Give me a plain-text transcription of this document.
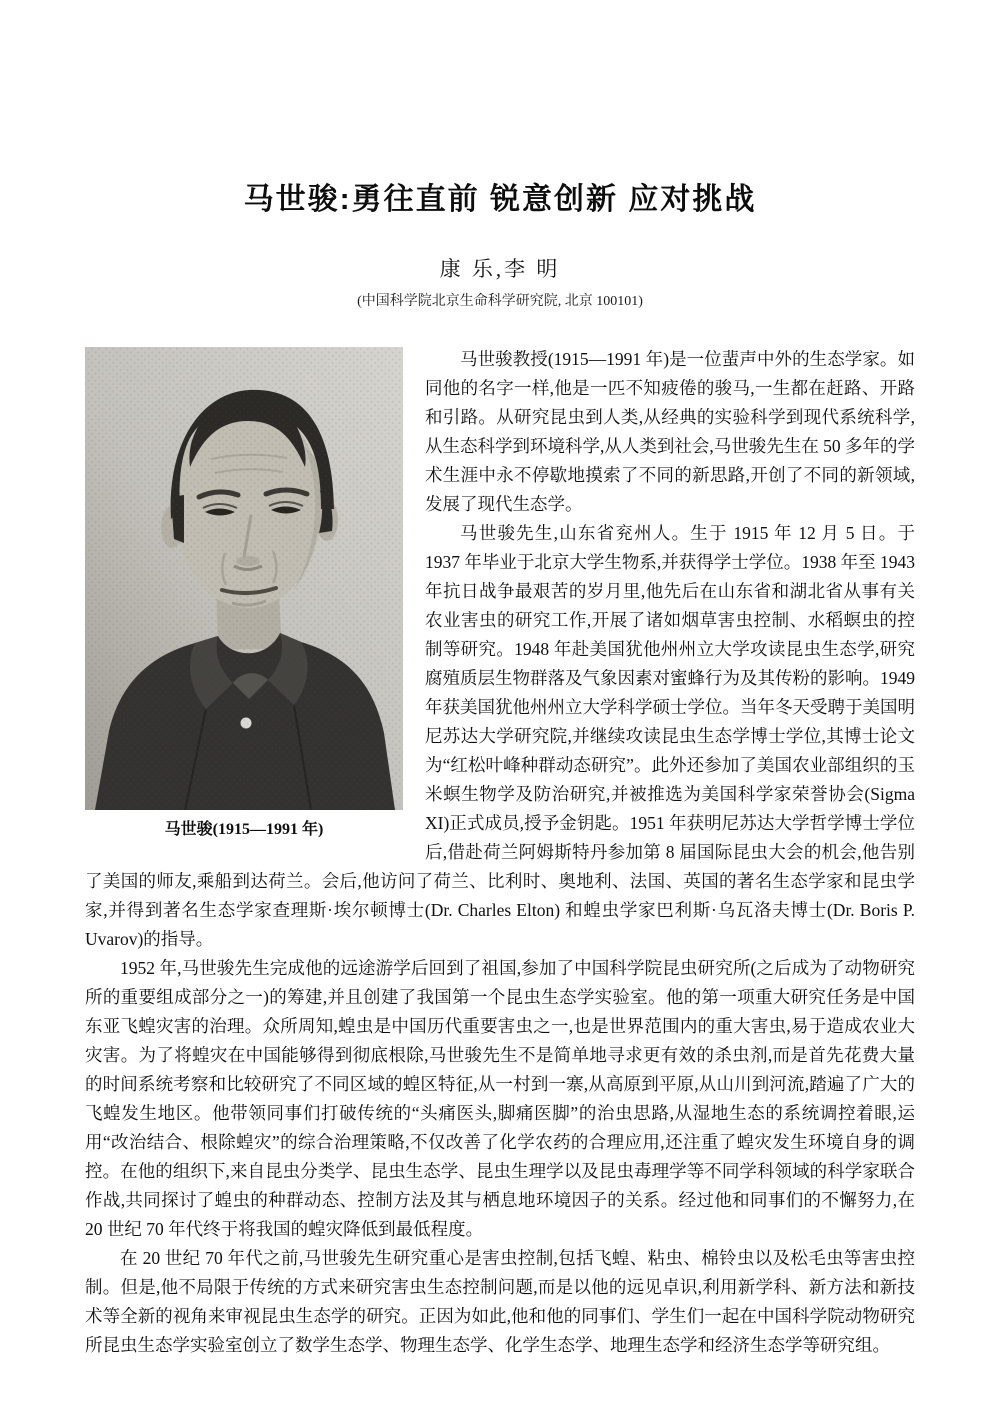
马世骏:勇往直前 锐意创新 应对挑战
康 乐,李 明
(中国科学院北京生命科学研究院, 北京 100101)
马世骏(1915—1991 年)

马世骏教授(1915—1991 年)是一位蜚声中外的生态学家。如同他的名字一样,他是一匹不知疲倦的骏马,一生都在赶路、开路和引路。从研究昆虫到人类,从经典的实验科学到现代系统科学,从生态科学到环境科学,从人类到社会,马世骏先生在 50 多年的学术生涯中永不停歇地摸索了不同的新思路,开创了不同的新领域,发展了现代生态学。

马世骏先生,山东省兖州人。生于 1915 年 12 月 5 日。于 1937 年毕业于北京大学生物系,并获得学士学位。1938 年至 1943 年抗日战争最艰苦的岁月里,他先后在山东省和湖北省从事有关农业害虫的研究工作,开展了诸如烟草害虫控制、水稻螟虫的控制等研究。1948 年赴美国犹他州州立大学攻读昆虫生态学,研究腐殖质层生物群落及气象因素对蜜蜂行为及其传粉的影响。1949 年获美国犹他州州立大学科学硕士学位。当年冬天受聘于美国明尼苏达大学研究院,并继续攻读昆虫生态学博士学位,其博士论文为“红松叶峰种群动态研究”。此外还参加了美国农业部组织的玉米螟生物学及防治研究,并被推选为美国科学家荣誉协会(Sigma XI)正式成员,授予金钥匙。1951 年获明尼苏达大学哲学博士学位后,借赴荷兰阿姆斯特丹参加第 8 届国际昆虫大会的机会,他告别了美国的师友,乘船到达荷兰。会后,他访问了荷兰、比利时、奥地利、法国、英国的著名生态学家和昆虫学家,并得到著名生态学家查理斯·埃尔顿博士(Dr. Charles Elton) 和蝗虫学家巴利斯·乌瓦洛夫博士(Dr. Boris P. Uvarov)的指导。

1952 年,马世骏先生完成他的远途游学后回到了祖国,参加了中国科学院昆虫研究所(之后成为了动物研究所的重要组成部分之一)的筹建,并且创建了我国第一个昆虫生态学实验室。他的第一项重大研究任务是中国东亚飞蝗灾害的治理。众所周知,蝗虫是中国历代重要害虫之一,也是世界范围内的重大害虫,易于造成农业大灾害。为了将蝗灾在中国能够得到彻底根除,马世骏先生不是简单地寻求更有效的杀虫剂,而是首先花费大量的时间系统考察和比较研究了不同区域的蝗区特征,从一村到一寨,从高原到平原,从山川到河流,踏遍了广大的飞蝗发生地区。他带领同事们打破传统的“头痛医头,脚痛医脚”的治虫思路,从湿地生态的系统调控着眼,运用“改治结合、根除蝗灾”的综合治理策略,不仅改善了化学农药的合理应用,还注重了蝗灾发生环境自身的调控。在他的组织下,来自昆虫分类学、昆虫生态学、昆虫生理学以及昆虫毒理学等不同学科领域的科学家联合作战,共同探讨了蝗虫的种群动态、控制方法及其与栖息地环境因子的关系。经过他和同事们的不懈努力,在 20 世纪 70 年代终于将我国的蝗灾降低到最低程度。

在 20 世纪 70 年代之前,马世骏先生研究重心是害虫控制,包括飞蝗、粘虫、棉铃虫以及松毛虫等害虫控制。但是,他不局限于传统的方式来研究害虫生态控制问题,而是以他的远见卓识,利用新学科、新方法和新技术等全新的视角来审视昆虫生态学的研究。正因为如此,他和他的同事们、学生们一起在中国科学院动物研究所昆虫生态学实验室创立了数学生态学、物理生态学、化学生态学、地理生态学和经济生态学等研究组。
